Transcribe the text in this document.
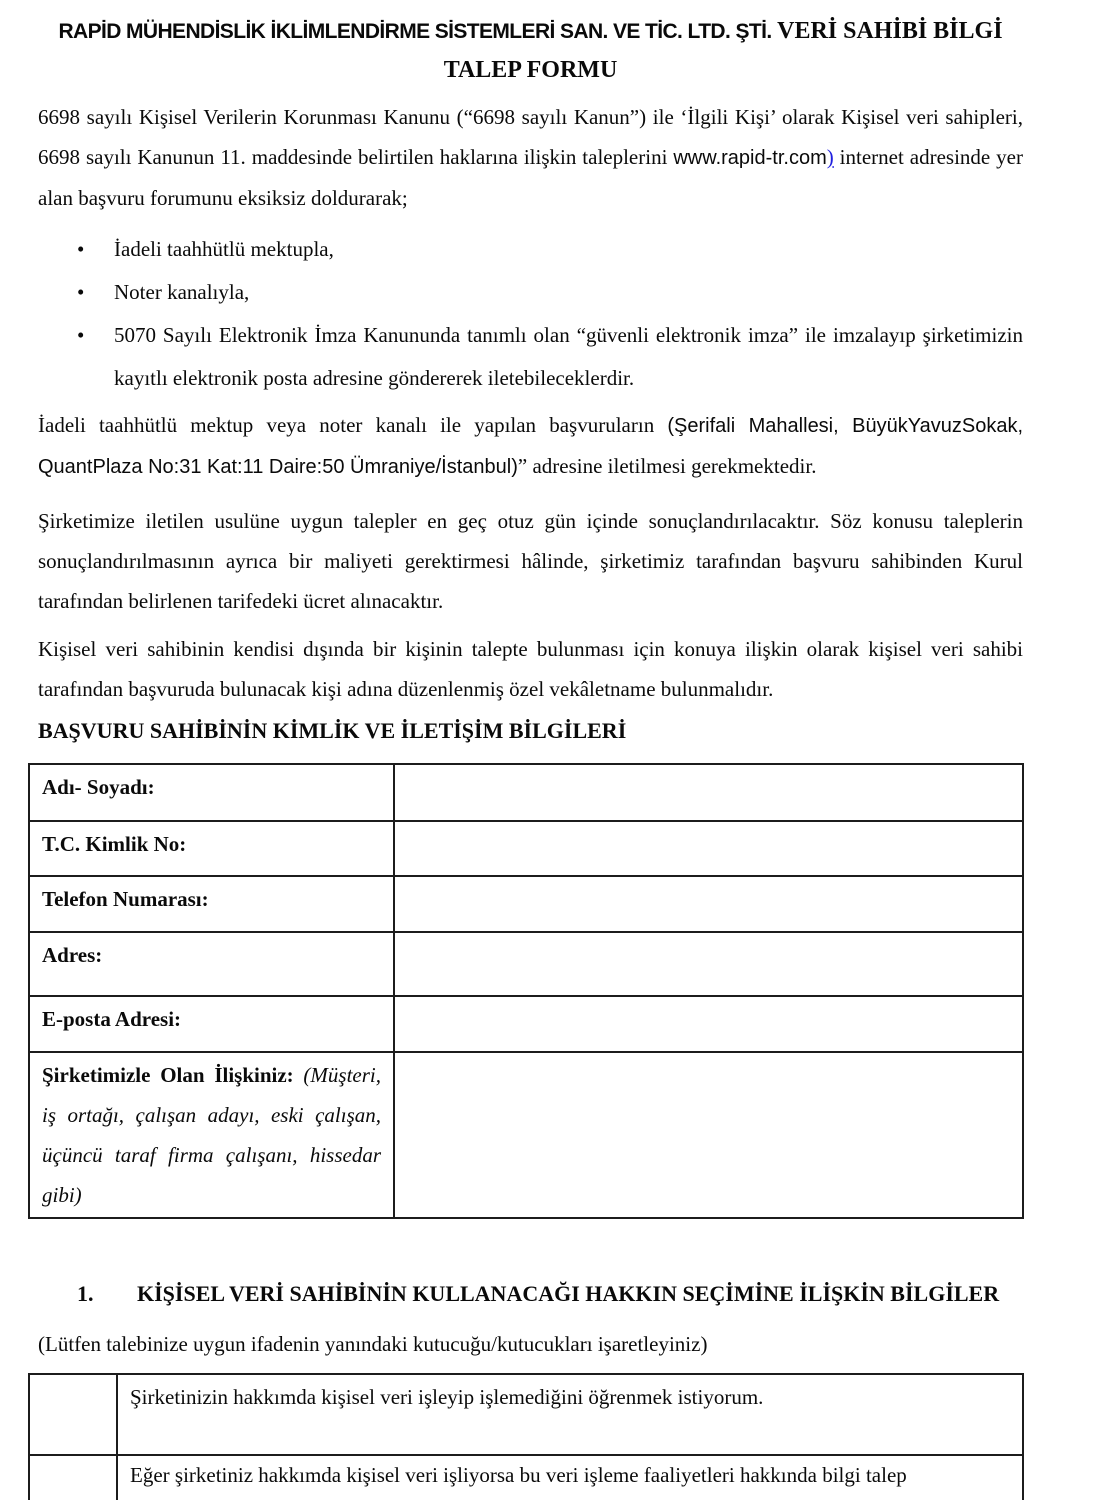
RAPİD MÜHENDİSLİK İKLİMLENDİRME SİSTEMLERİ SAN. VE TİC. LTD. ŞTİ. VERİ SAHİBİ BİLGİ
TALEP FORMU

6698 sayılı Kişisel Verilerin Korunması Kanunu (“6698 sayılı Kanun”) ile ‘İlgili Kişi’ olarak Kişisel veri sahipleri, 6698 sayılı Kanunun 11. maddesinde belirtilen haklarına ilişkin taleplerini www.rapid-tr.com) internet adresinde yer alan başvuru forumunu eksiksiz doldurarak;

• İadeli taahhütlü mektupla,
• Noter kanalıyla,
• 5070 Sayılı Elektronik İmza Kanununda tanımlı olan “güvenli elektronik imza” ile imzalayıp şirketimizin kayıtlı elektronik posta adresine göndererek iletebileceklerdir.

İadeli taahhütlü mektup veya noter kanalı ile yapılan başvuruların (Şerifali Mahallesi, BüyükYavuzSokak, QuantPlaza No:31 Kat:11 Daire:50 Ümraniye/İstanbul)” adresine iletilmesi gerekmektedir.

Şirketimize iletilen usulüne uygun talepler en geç otuz gün içinde sonuçlandırılacaktır. Söz konusu taleplerin sonuçlandırılmasının ayrıca bir maliyeti gerektirmesi hâlinde, şirketimiz tarafından başvuru sahibinden Kurul tarafından belirlenen tarifedeki ücret alınacaktır.

Kişisel veri sahibinin kendisi dışında bir kişinin talepte bulunması için konuya ilişkin olarak kişisel veri sahibi tarafından başvuruda bulunacak kişi adına düzenlenmiş özel vekâletname bulunmalıdır.

BAŞVURU SAHİBİNİN KİMLİK VE İLETİŞİM BİLGİLERİ
Adı- Soyadı:	
T.C. Kimlik No:	
Telefon Numarası:	
Adres:	
E-posta Adresi:	

Şirketimizle Olan İlişkiniz: (Müşteri, iş ortağı, çalışan adayı, eski çalışan, üçüncü taraf firma çalışanı, hissedar gibi)	

1. KİŞİSEL VERİ SAHİBİNİN KULLANACAĞI HAKKIN SEÇİMİNE İLİŞKİN BİLGİLER

(Lütfen talebinize uygun ifadenin yanındaki kutucuğu/kutucukları işaretleyiniz)

	Şirketinizin hakkımda kişisel veri işleyip işlemediğini öğrenmek istiyorum.
	Eğer şirketiniz hakkımda kişisel veri işliyorsa bu veri işleme faaliyetleri hakkında bilgi talep
